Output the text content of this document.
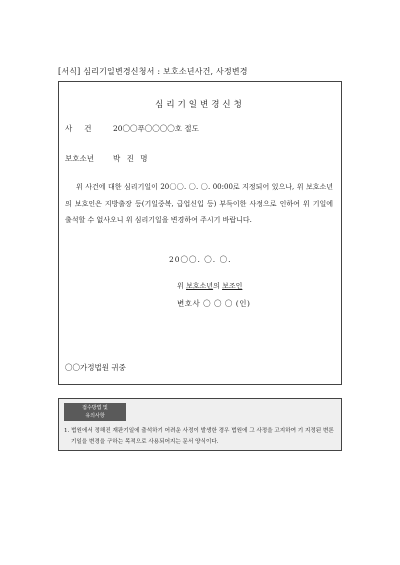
[서식] 심리기일변경신청서 : 보호소년사건, 사정변경
심리기일변경신청
사건 20〇〇푸〇〇〇〇호 절도
보호소년	박 진 명
위 사건에 대한 심리기일이 20〇〇. 〇. 〇. 00:00로 지정되어 있으나, 위 보호소년의 보호인은 지방출장 등(기일중복, 급업신입 등) 부득이한 사정으로 인하여 위 기일에 출석할 수 없사오니 위 심리기일을 변경하여 주시기 바랍니다.
20〇〇. 〇. 〇.
위 보호소년의 보조인
변호사 〇 〇 〇 (인)
〇〇가정법원 귀중
접수방법 및
유의사항
1. 법원에서 정해진 재판기일에 출석하기 어려운 사정이 발생한 경우 법원에 그 사정을 고지하여 기 지정된 변론기일을 변경을 구하는 목적으로 사용되어지는 문서 양식이다.
